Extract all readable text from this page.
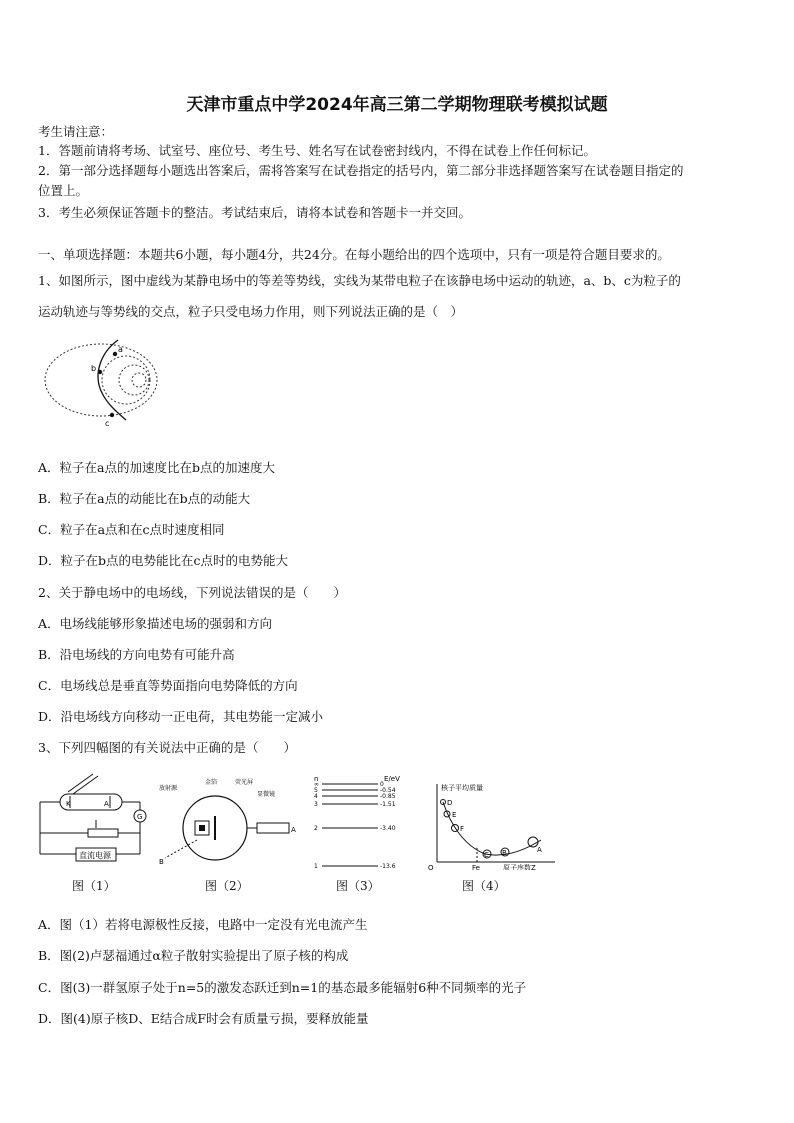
天津市重点中学2024年高三第二学期物理联考模拟试题
考生请注意：
1．答题前请将考场、试室号、座位号、考生号、姓名写在试卷密封线内，不得在试卷上作任何标记。
2．第一部分选择题每小题选出答案后，需将答案写在试卷指定的括号内，第二部分非选择题答案写在试卷题目指定的
位置上。
3．考生必须保证答题卡的整洁。考试结束后，请将本试卷和答题卡一并交回。
一、单项选择题：本题共6小题，每小题4分，共24分。在每小题给出的四个选项中，只有一项是符合题目要求的。
1、如图所示，图中虚线为某静电场中的等差等势线，实线为某带电粒子在该静电场中运动的轨迹，a、b、c为粒子的
运动轨迹与等势线的交点，粒子只受电场力作用，则下列说法正确的是（　）
a
b
c
A．粒子在a点的加速度比在b点的加速度大
B．粒子在a点的动能比在b点的动能大
C．粒子在a点和在c点时速度相同
D．粒子在b点的电势能比在c点时的电势能大
2、关于静电场中的电场线，下列说法错误的是（　　）
A．电场线能够形象描述电场的强弱和方向
B．沿电场线的方向电势有可能升高
C．电场线总是垂直等势面指向电势降低的方向
D．沿电场线方向移动一正电荷，其电势能一定减小
3、下列四幅图的有关说法中正确的是（　　）
K	A
G
直流电源
图（1）
放射源
金箔	荧光屏
显微镜
A
B
图（2）
n	E/eV
∞	0
5	-0.54
4	-0.85
3	-1.51
2	-3.40
1	-13.6
图（3）
核子平均质量
原子序数Z
O	Fe
D
E
F
C B	A
图（4）
A．图（1）若将电源极性反接，电路中一定没有光电流产生
B．图(2)卢瑟福通过α粒子散射实验提出了原子核的构成
C．图(3)一群氢原子处于n=5的激发态跃迁到n=1的基态最多能辐射6种不同频率的光子
D．图(4)原子核D、E结合成F时会有质量亏损，要释放能量
